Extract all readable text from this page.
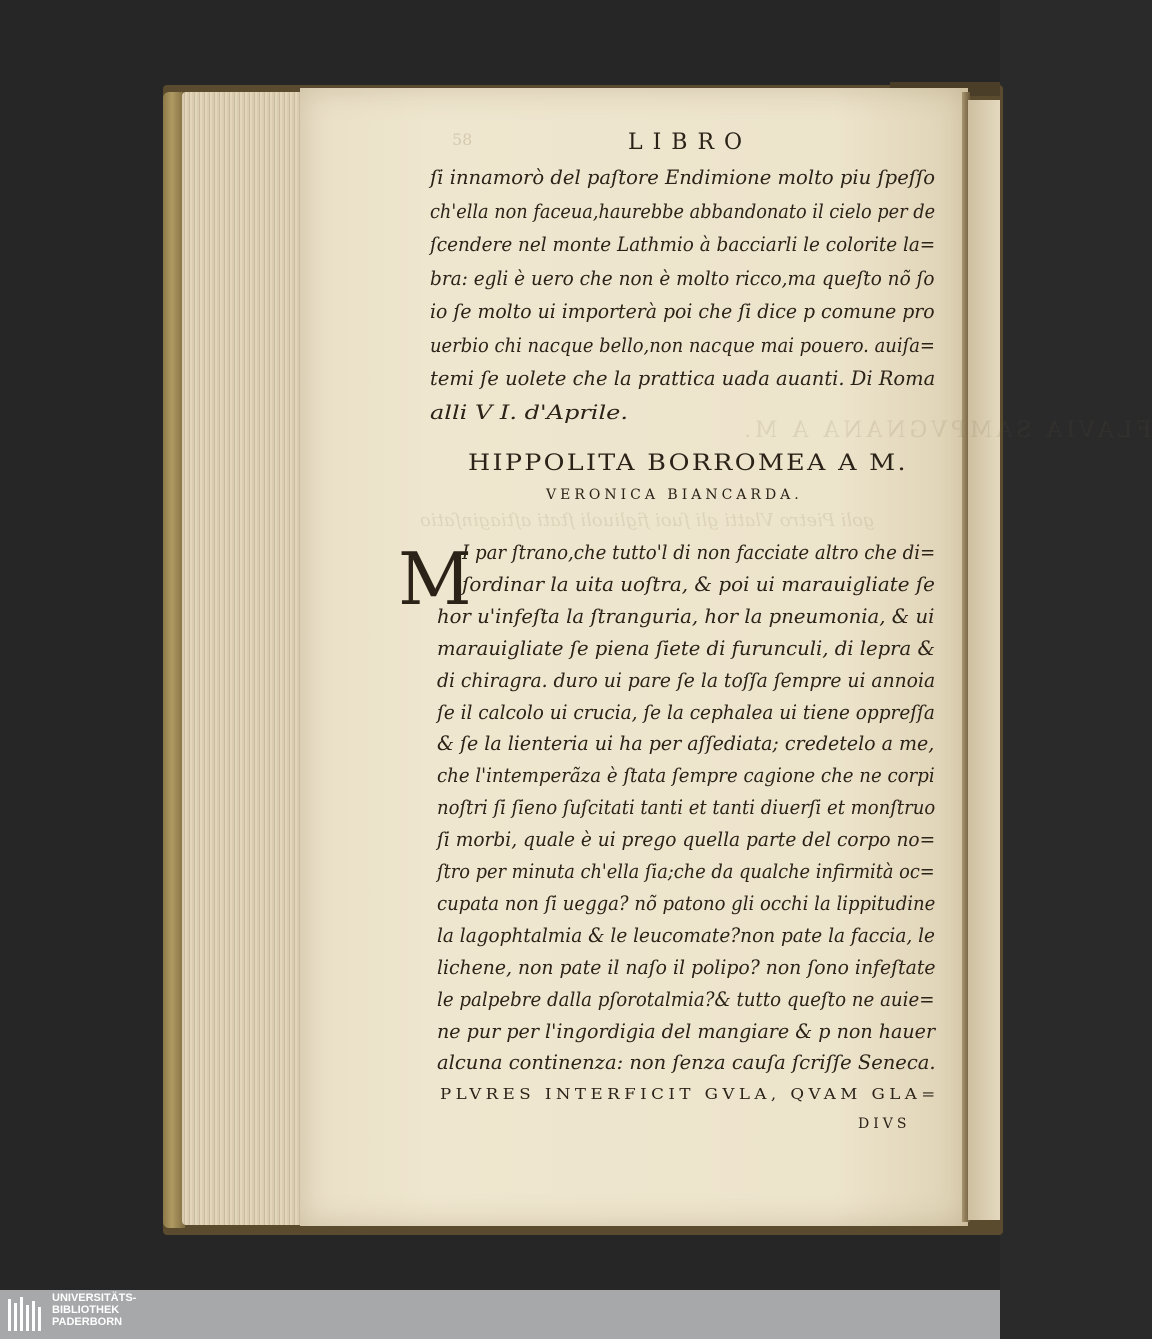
58
FLAVIA SAMPVGNANA A M.
goli Pietro Vlatti gli ſuoi figliuoli ſtati aſtiaginſatio
LIBRO
ſi innamorò del paſtore Endimione molto piu ſpeſſo
ch'ella non faceua,haurebbe abbandonato il cielo per de
ſcendere nel monte Lathmio à bacciarli le colorite la=
bra: egli è uero che non è molto ricco,ma queſto nõ ſo
io ſe molto ui importerà poi che ſi dice p comune pro
uerbio chi nacque bello,non nacque mai pouero. auiſa=
temi ſe uolete che la prattica uada auanti. Di Roma
alli V I. d'Aprile.
HIPPOLITA BORROMEA A M.
VERONICA BIANCARDA.
M
I par ſtrano,che tutto'l di non facciate altro che di=
ſordinar la uita uoſtra, & poi ui marauigliate ſe
hor u'infeſta la ſtranguria, hor la pneumonia, & ui
marauigliate ſe piena ſiete di furunculi, di lepra &
di chiragra. duro ui pare ſe la toſſa ſempre ui annoia
ſe il calcolo ui crucia, ſe la cephalea ui tiene oppreſſa
& ſe la lienteria ui ha per aſſediata; credetelo a me,
che l'intemperãza è ſtata ſempre cagione che ne corpi
noſtri ſi ſieno ſuſcitati tanti et tanti diuerſi et monſtruo
ſi morbi, quale è ui prego quella parte del corpo no=
ſtro per minuta ch'ella ſia;che da qualche infirmità oc=
cupata non ſi uegga? nõ patono gli occhi la lippitudine
la lagophtalmia & le leucomate?non pate la faccia, le
lichene, non pate il naſo il polipo? non ſono infeſtate
le palpebre dalla pſorotalmia?& tutto queſto ne auie=
ne pur per l'ingordigia del mangiare & p non hauer
alcuna continenza: non ſenza cauſa ſcriſſe Seneca.
PLVRES INTERFICIT GVLA, QVAM GLA=
DIVS
UNIVERSITÄTS-
BIBLIOTHEK
PADERBORN
